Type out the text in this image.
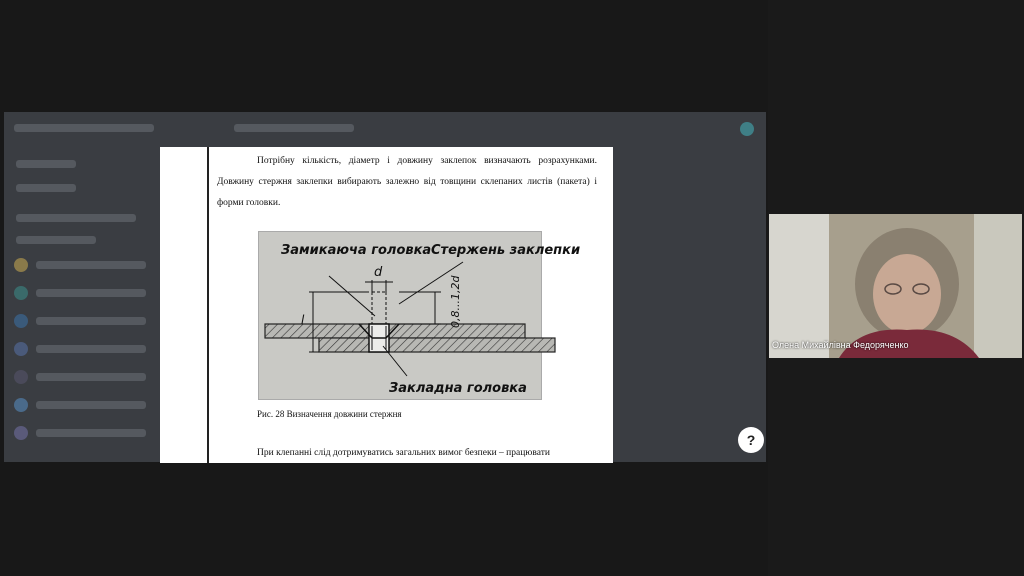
Потрібну кількість, діаметр і довжину заклепок визначають розрахунками. Довжину стержня заклепки вибирають залежно від товщини склепаних листів (пакета) і форми головки.

Замикаюча головка Стержень заклепки
d
l	0,8...1,2d
Закладна головка

Рис. 28 Визначення довжини стержня

При клепанні слід дотримуватись загальних вимог безпеки – працювати

?
Олена Михайлівна Федоряченко
